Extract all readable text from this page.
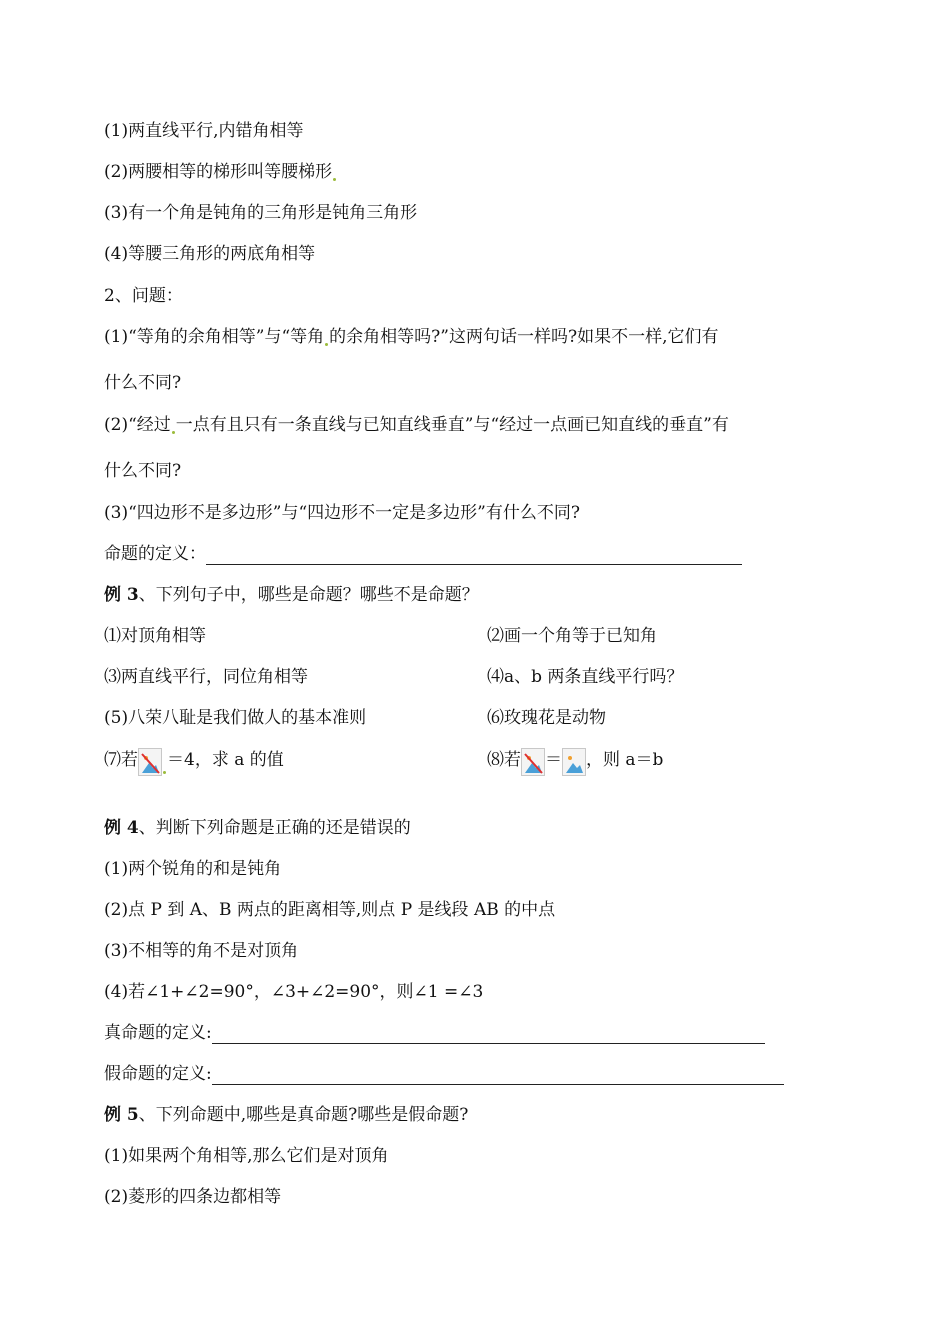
(1)两直线平行,内错角相等
(2)两腰相等的梯形叫等腰梯形
(3)有一个角是钝角的三角形是钝角三角形
(4)等腰三角形的两底角相等
2、问题：
(1)“等角的余角相等”与“等角 的余角相等吗?”这两句话一样吗?如果不一样,它们有
什么不同?
(2)“经过 一点有且只有一条直线与已知直线垂直”与“经过一点画已知直线的垂直”有
什么不同?
(3)“四边形不是多边形”与“四边形不一定是多边形”有什么不同?
命题的定义：
例 3、下列句子中，哪些是命题？哪些不是命题？
⑴对顶角相等	⑵画一个角等于已知角
⑶两直线平行，同位角相等	⑷a、b 两条直线平行吗？
(5)八荣八耻是我们做人的基本准则	⑹玫瑰花是动物
⑺若 ＝4，求 a 的值	⑻若 ＝ ，则 a＝b
例 4、判断下列命题是正确的还是错误的
(1)两个锐角的和是钝角
(2)点 P 到 A、B 两点的距离相等,则点 P 是线段 AB 的中点
(3)不相等的角不是对顶角
(4)若∠1+∠2=90°，∠3+∠2=90°，则∠1 =∠3
真命题的定义:
假命题的定义:
例 5、下列命题中,哪些是真命题?哪些是假命题?
(1)如果两个角相等,那么它们是对顶角
(2)菱形的四条边都相等
